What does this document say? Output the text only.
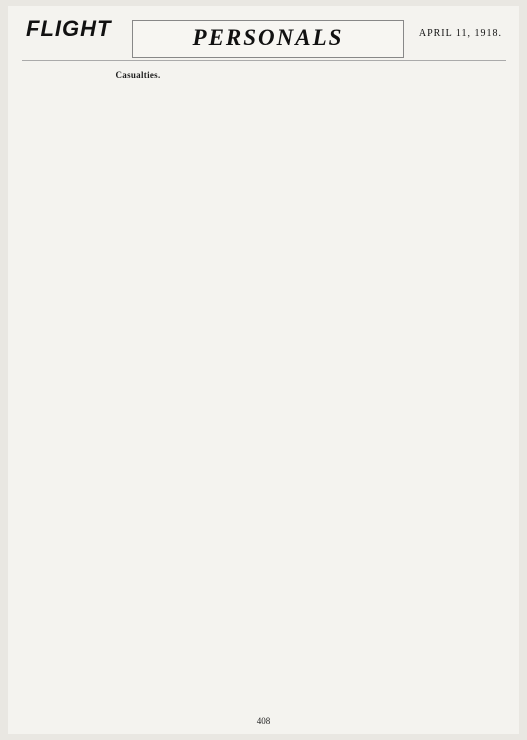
FLIGHT	PERSONALS	APRIL 11, 1918.
Casualties.
408
